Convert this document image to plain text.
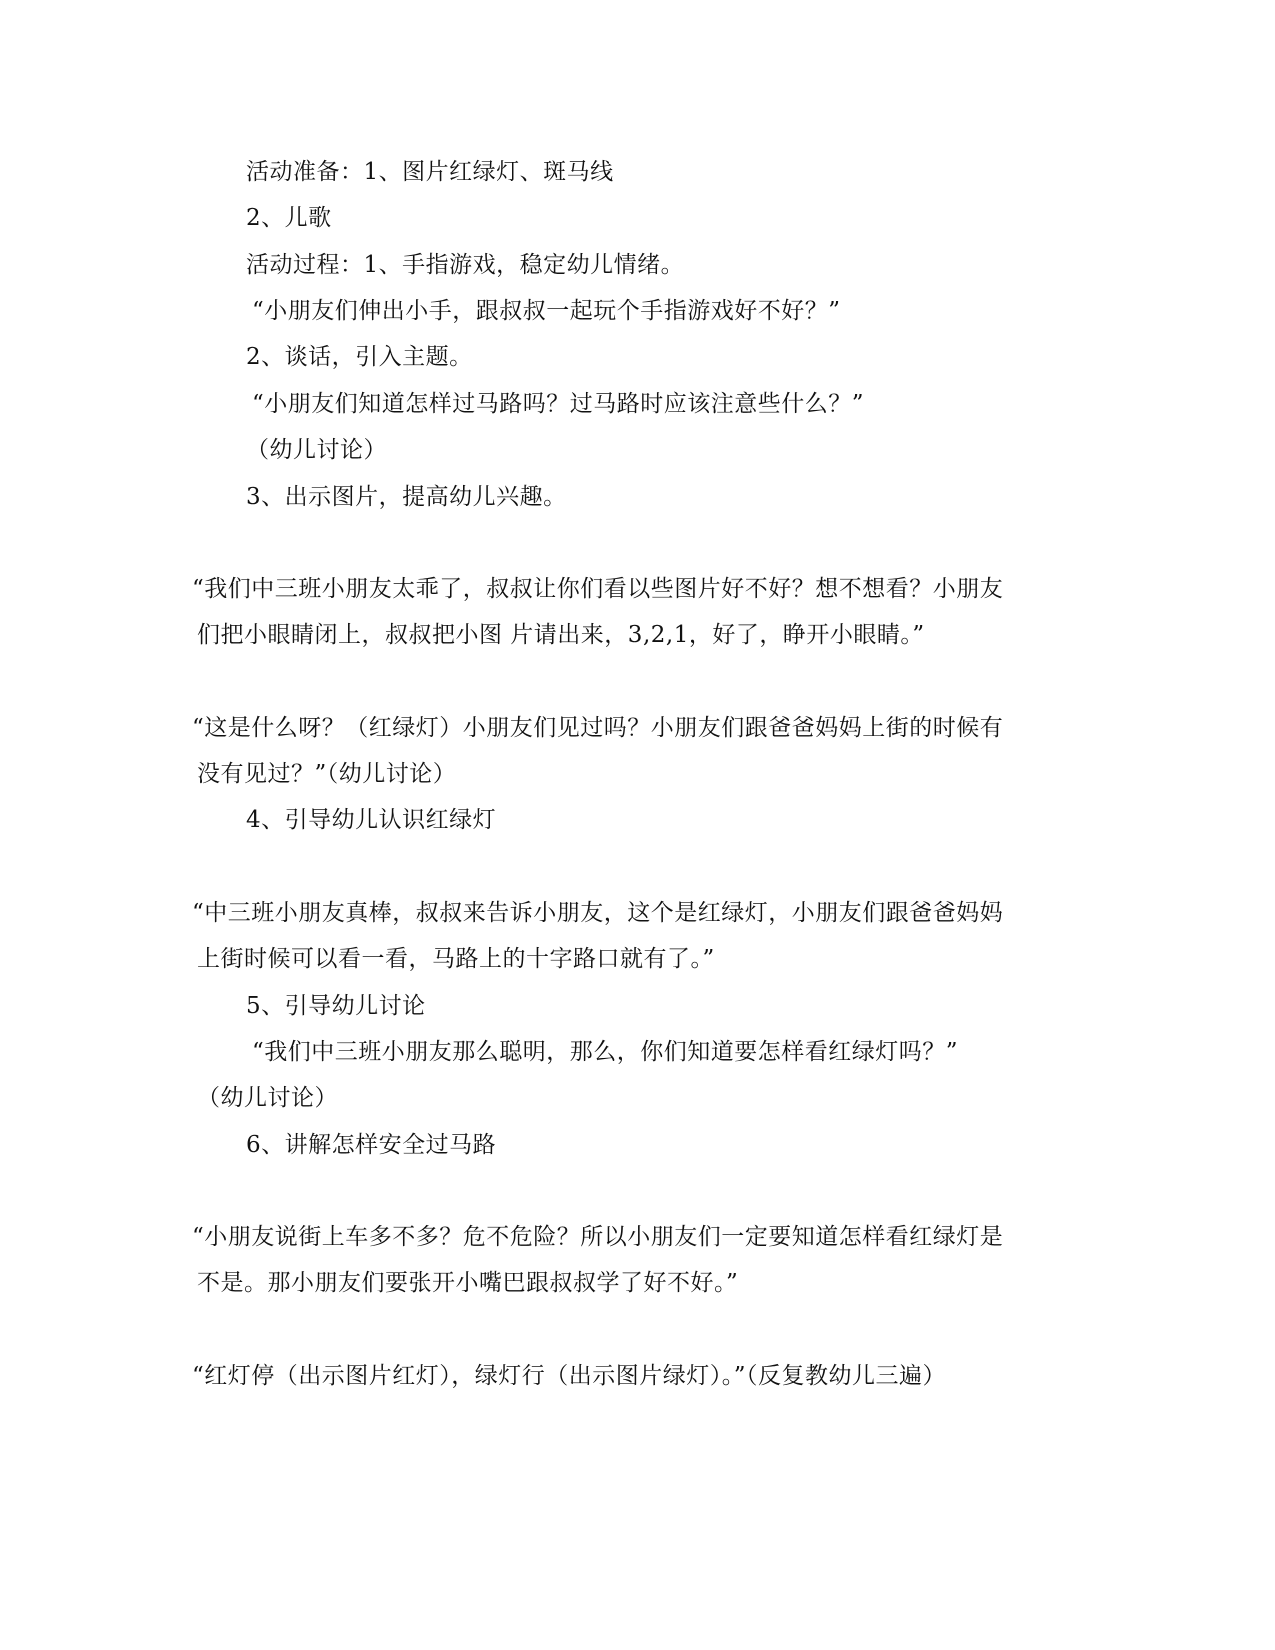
活动准备：1、图片红绿灯、斑马线
2、儿歌
活动过程：1、手指游戏，稳定幼儿情绪。
“小朋友们伸出小手，跟叔叔一起玩个手指游戏好不好？”
2、谈话，引入主题。
“小朋友们知道怎样过马路吗？过马路时应该注意些什么？”
（幼儿讨论）
3、出示图片，提高幼儿兴趣。
“我们中三班小朋友太乖了，叔叔让你们看以些图片好不好？想不想看？小朋友
们把小眼睛闭上，叔叔把小图 片请出来，3,2,1，好了，睁开小眼睛。”
“这是什么呀？（红绿灯）小朋友们见过吗？小朋友们跟爸爸妈妈上街的时候有
没有见过？”（幼儿讨论）
4、引导幼儿认识红绿灯
“中三班小朋友真棒，叔叔来告诉小朋友，这个是红绿灯，小朋友们跟爸爸妈妈
上街时候可以看一看，马路上的十字路口就有了。”
5、引导幼儿讨论
“我们中三班小朋友那么聪明，那么，你们知道要怎样看红绿灯吗？”
（幼儿讨论）
6、讲解怎样安全过马路
“小朋友说街上车多不多？危不危险？所以小朋友们一定要知道怎样看红绿灯是
不是。那小朋友们要张开小嘴巴跟叔叔学了好不好。”
“红灯停（出示图片红灯），绿灯行（出示图片绿灯）。”（反复教幼儿三遍）
